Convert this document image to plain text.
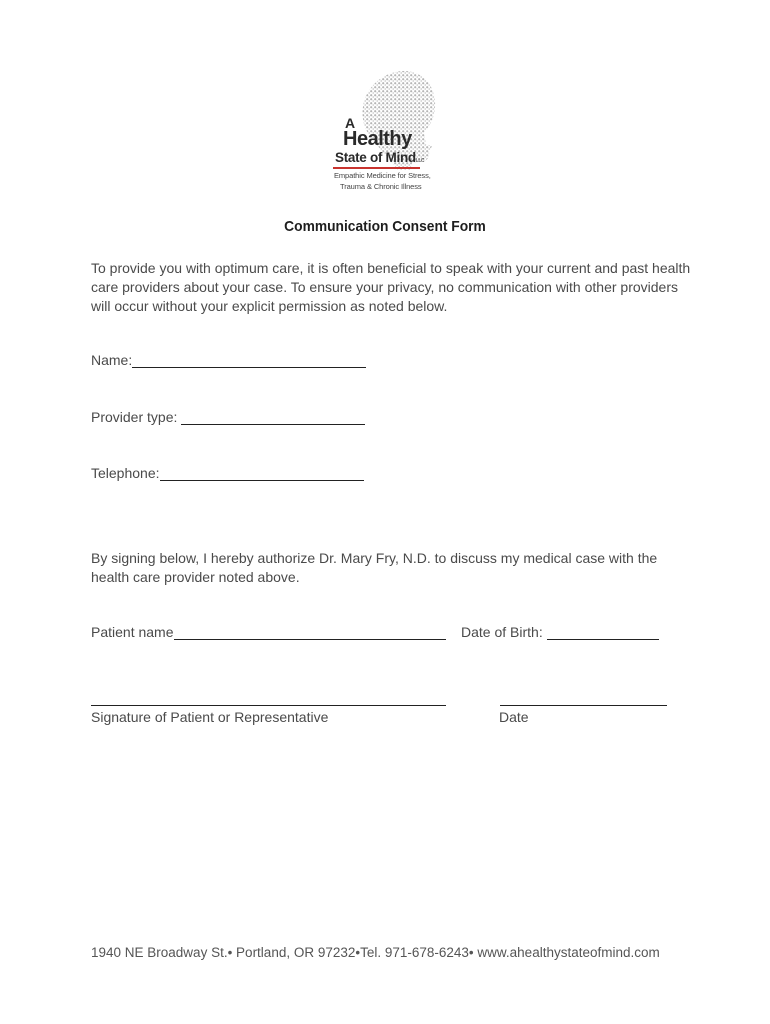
A
Healthy
State of MindLLC
Empathic Medicine for Stress,
Trauma & Chronic Illness
Communication Consent Form

To provide you with optimum care, it is often beneficial to speak with your current and past health care providers about your case. To ensure your privacy, no communication with other providers will occur without your explicit permission as noted below.

Name:
Provider type:
Telephone:

By signing below, I hereby authorize Dr. Mary Fry, N.D. to discuss my medical case with the health care provider noted above.

Patient name	Date of Birth:
Signature of Patient or Representative	Date
1940 NE Broadway St.• Portland, OR 97232•Tel. 971-678-6243• www.ahealthystateofmind.com
